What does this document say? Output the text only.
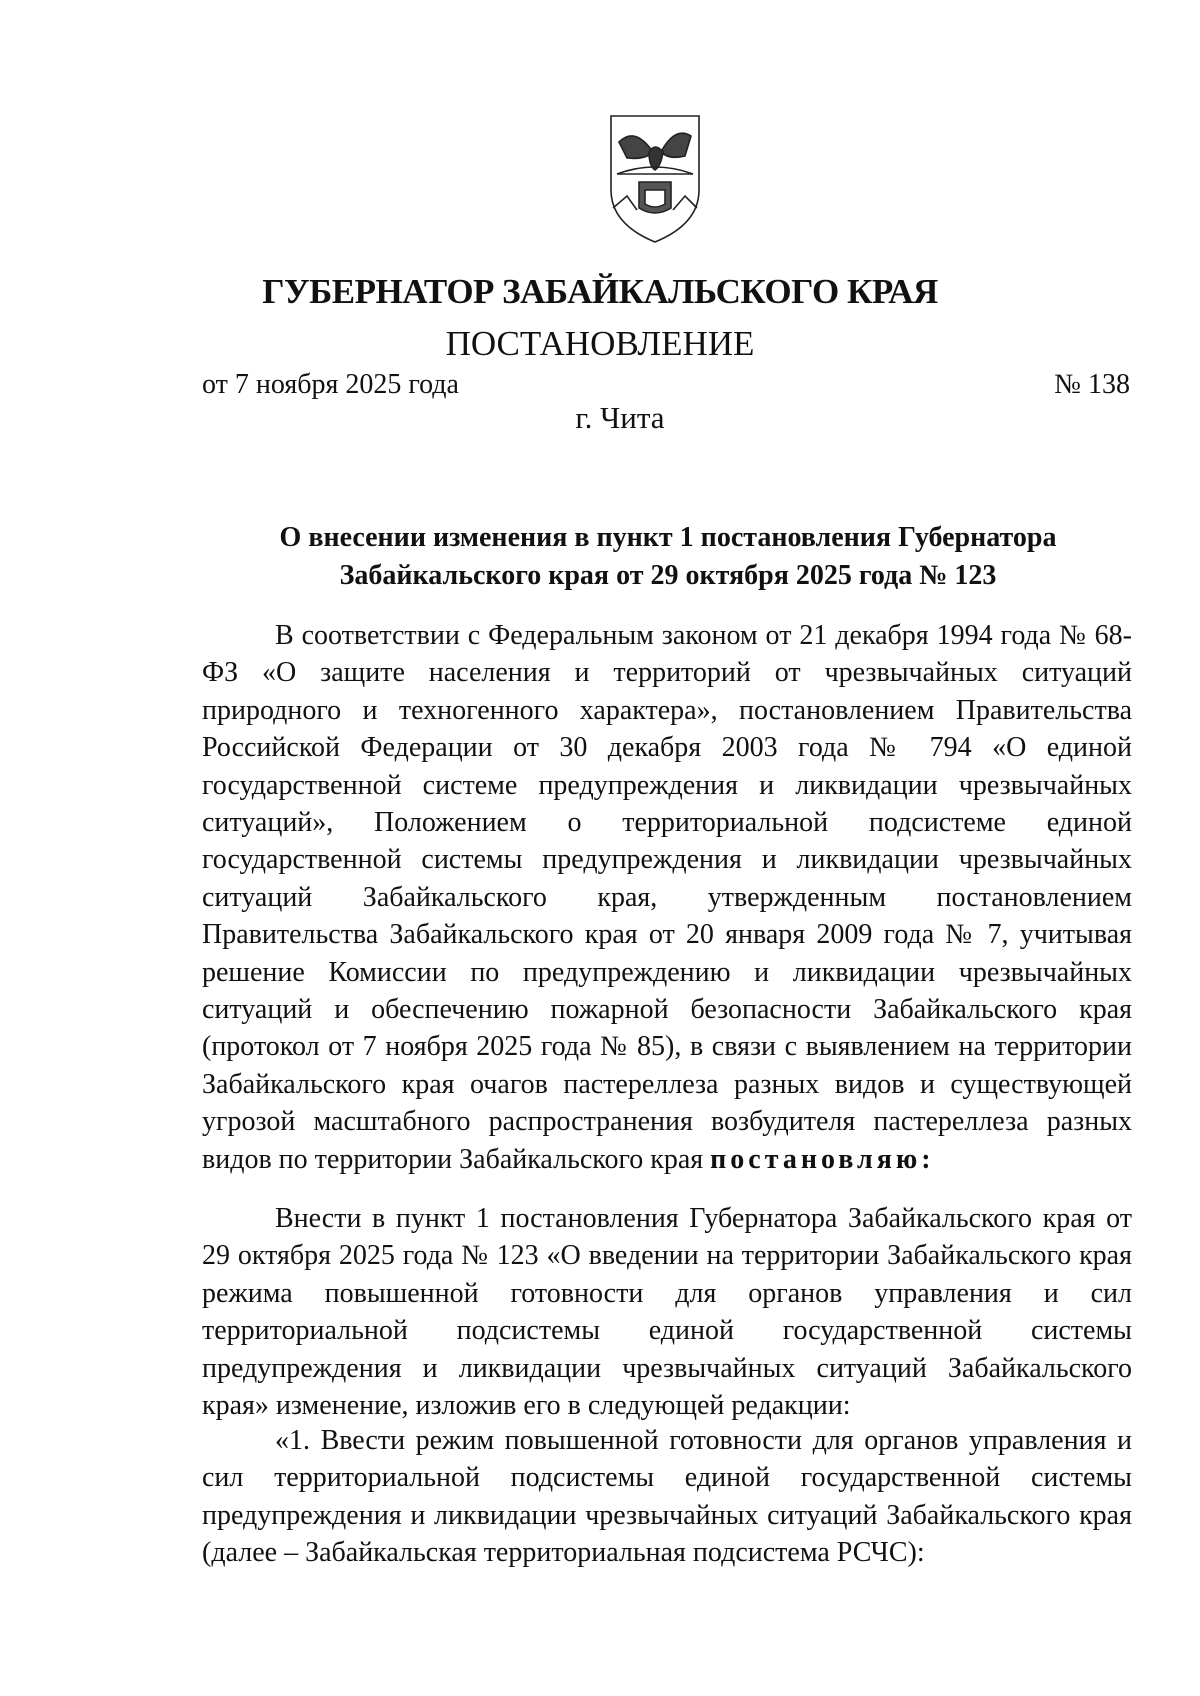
ГУБЕРНАТОР ЗАБАЙКАЛЬСКОГО КРАЯ
ПОСТАНОВЛЕНИЕ
от 7 ноября 2025 года	№ 138
г. Чита
О внесении изменения в пункт 1 постановления Губернатора
Забайкальского края от 29 октября 2025 года № 123
В соответствии с Федеральным законом от 21 декабря 1994 года № 68-ФЗ «О защите населения и территорий от чрезвычайных ситуаций природного и техногенного характера», постановлением Правительства Российской Федерации от 30 декабря 2003 года № 794 «О единой государственной системе предупреждения и ликвидации чрезвычайных ситуаций», Положением о территориальной подсистеме единой государственной системы предупреждения и ликвидации чрезвычайных ситуаций Забайкальского края, утвержденным постановлением Правительства Забайкальского края от 20 января 2009 года № 7, учитывая решение Комиссии по предупреждению и ликвидации чрезвычайных ситуаций и обеспечению пожарной безопасности Забайкальского края (протокол от 7 ноября 2025 года № 85), в связи с выявлением на территории Забайкальского края очагов пастереллеза разных видов и существующей угрозой масштабного распространения возбудителя пастереллеза разных видов по территории Забайкальского края постановляю:
Внести в пункт 1 постановления Губернатора Забайкальского края от 29 октября 2025 года № 123 «О введении на территории Забайкальского края режима повышенной готовности для органов управления и сил территориальной подсистемы единой государственной системы предупреждения и ликвидации чрезвычайных ситуаций Забайкальского края» изменение, изложив его в следующей редакции:
«1. Ввести режим повышенной готовности для органов управления и сил территориальной подсистемы единой государственной системы предупреждения и ликвидации чрезвычайных ситуаций Забайкальского края (далее – Забайкальская территориальная подсистема РСЧС):
